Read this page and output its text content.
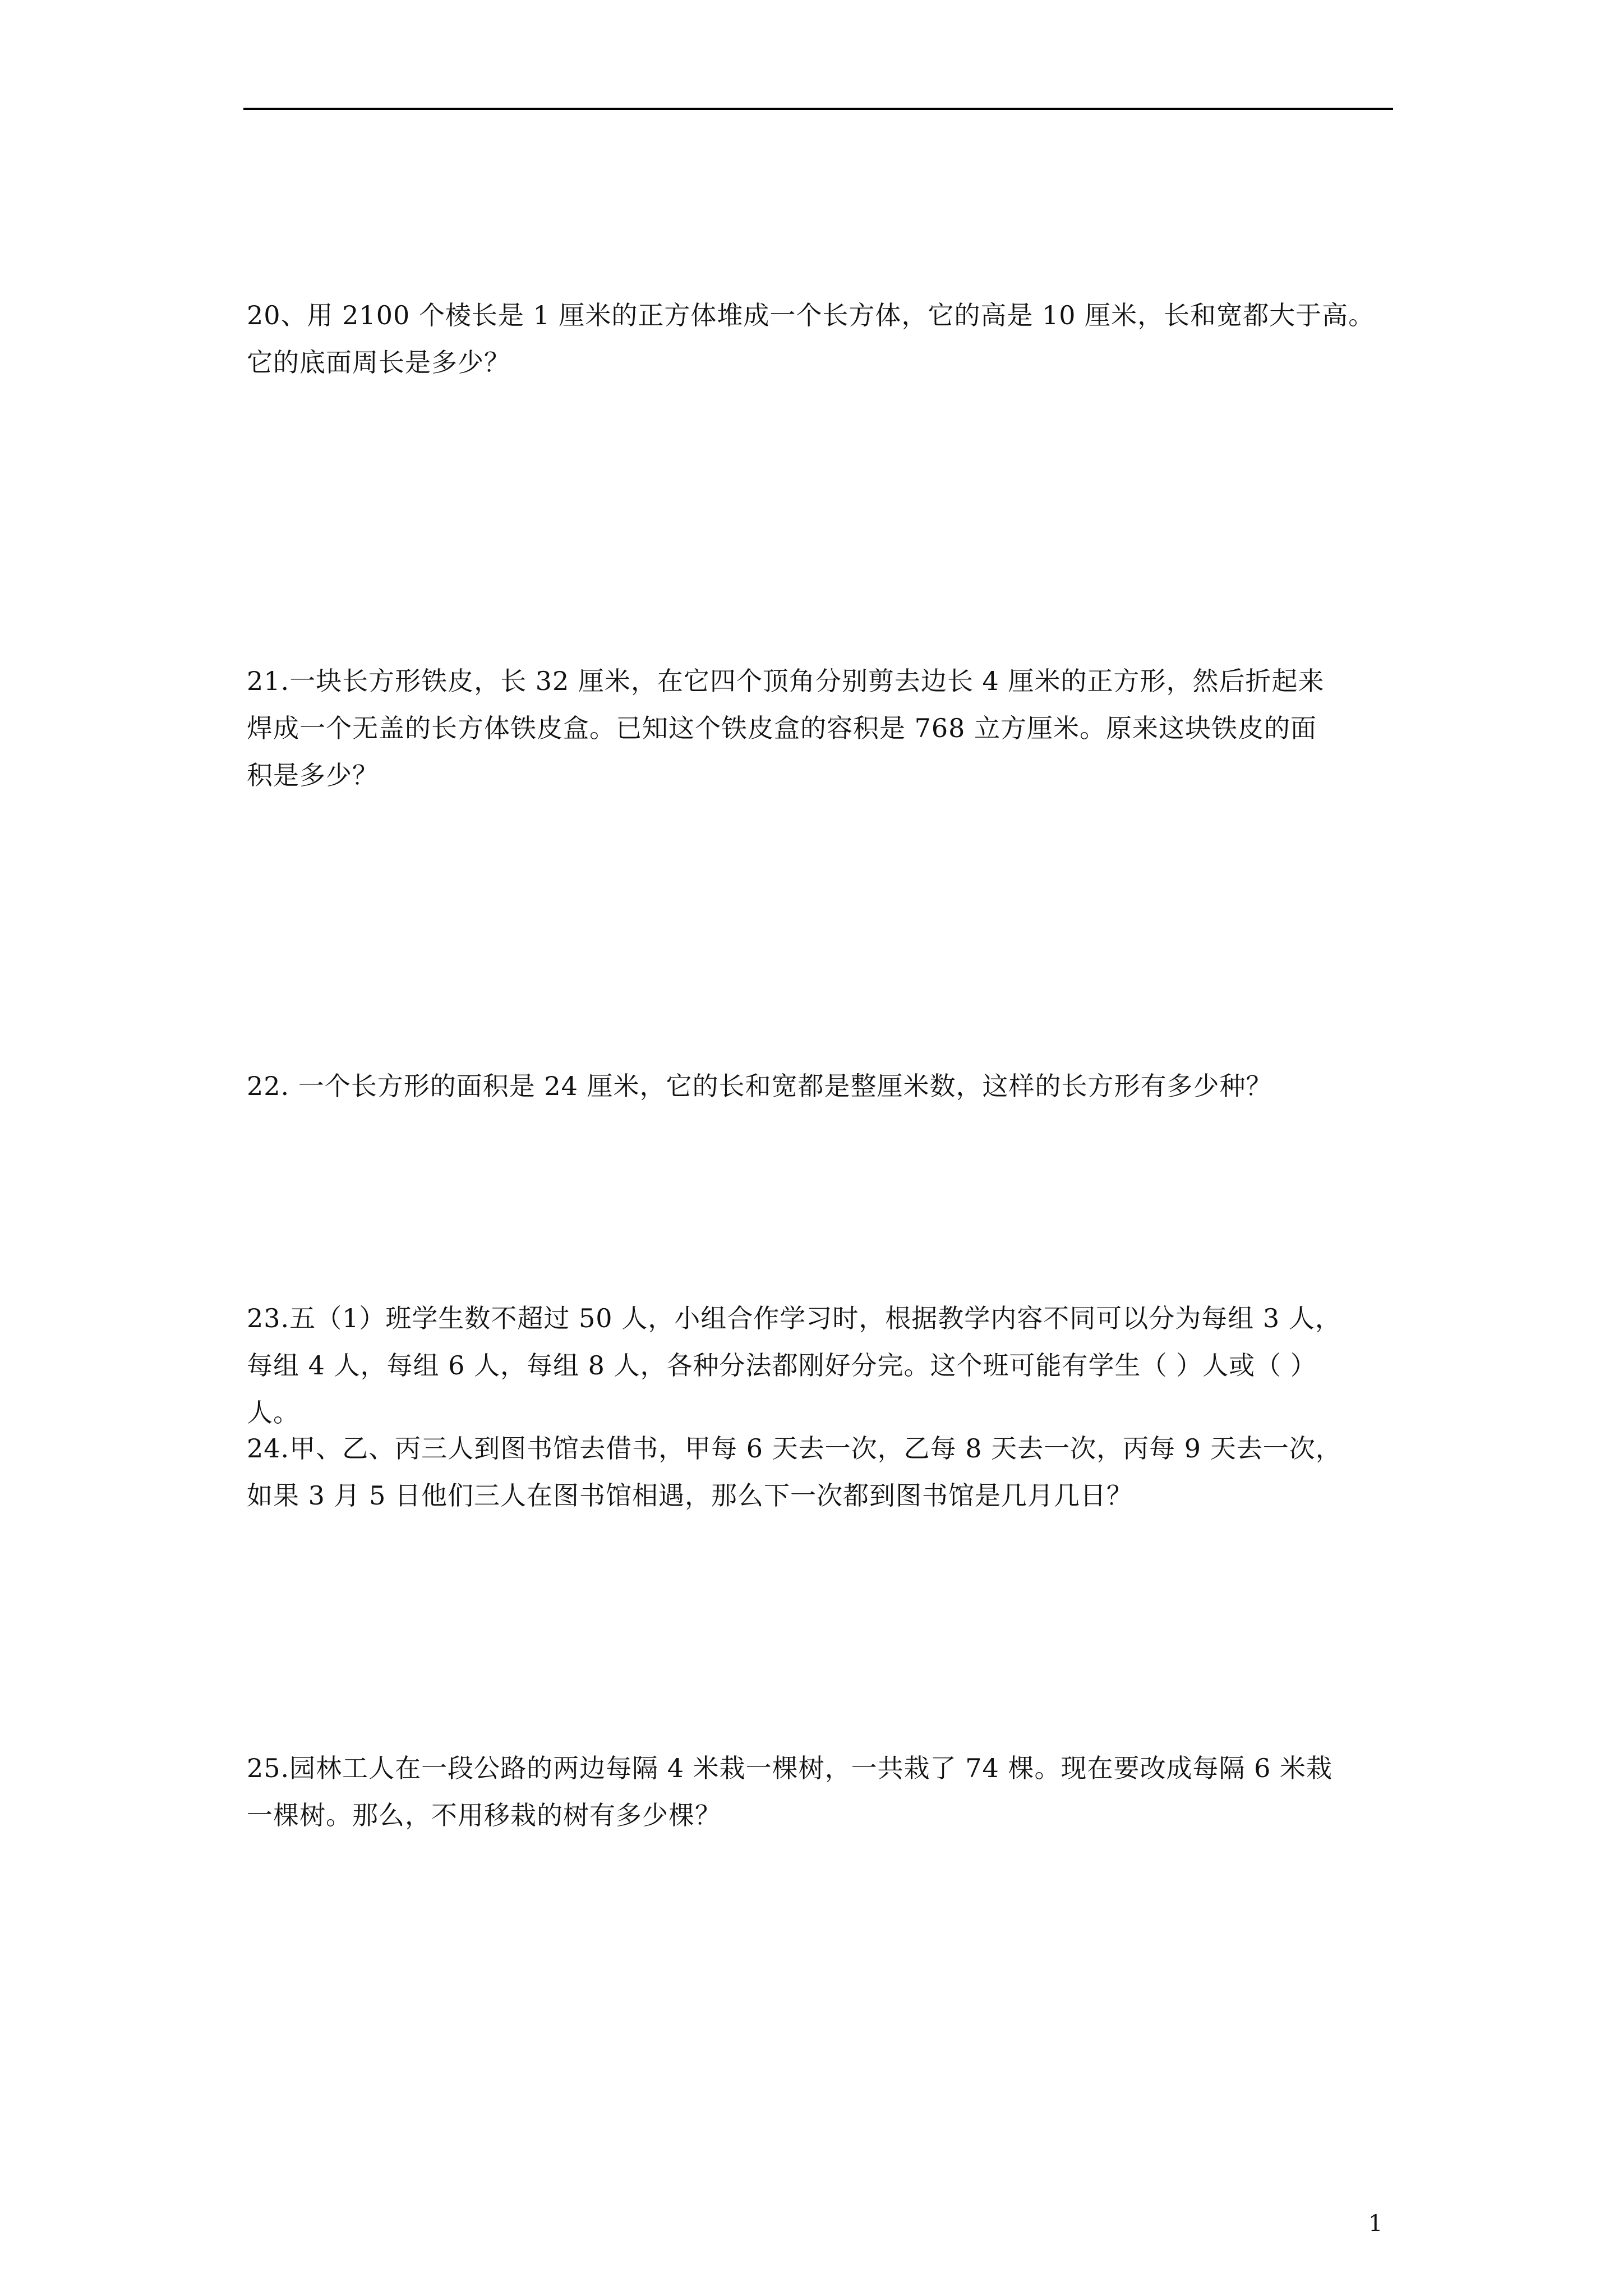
20、用 2100 个棱长是 1 厘米的正方体堆成一个长方体，它的高是 10 厘米，长和宽都大于高。
它的底面周长是多少？
21.一块长方形铁皮，长 32 厘米，在它四个顶角分别剪去边长 4 厘米的正方形，然后折起来
焊成一个无盖的长方体铁皮盒。已知这个铁皮盒的容积是 768 立方厘米。原来这块铁皮的面
积是多少？
22. 一个长方形的面积是 24 厘米，它的长和宽都是整厘米数，这样的长方形有多少种？
23.五（1）班学生数不超过 50 人，小组合作学习时，根据教学内容不同可以分为每组 3 人，
每组 4 人，每组 6 人，每组 8 人，各种分法都刚好分完。这个班可能有学生（ ）人或（ ）
人。
24.甲、乙、丙三人到图书馆去借书，甲每 6 天去一次，乙每 8 天去一次，丙每 9 天去一次，
如果 3 月 5 日他们三人在图书馆相遇，那么下一次都到图书馆是几月几日？
25.园林工人在一段公路的两边每隔 4 米栽一棵树，一共栽了 74 棵。现在要改成每隔 6 米栽
一棵树。那么，不用移栽的树有多少棵？
1
